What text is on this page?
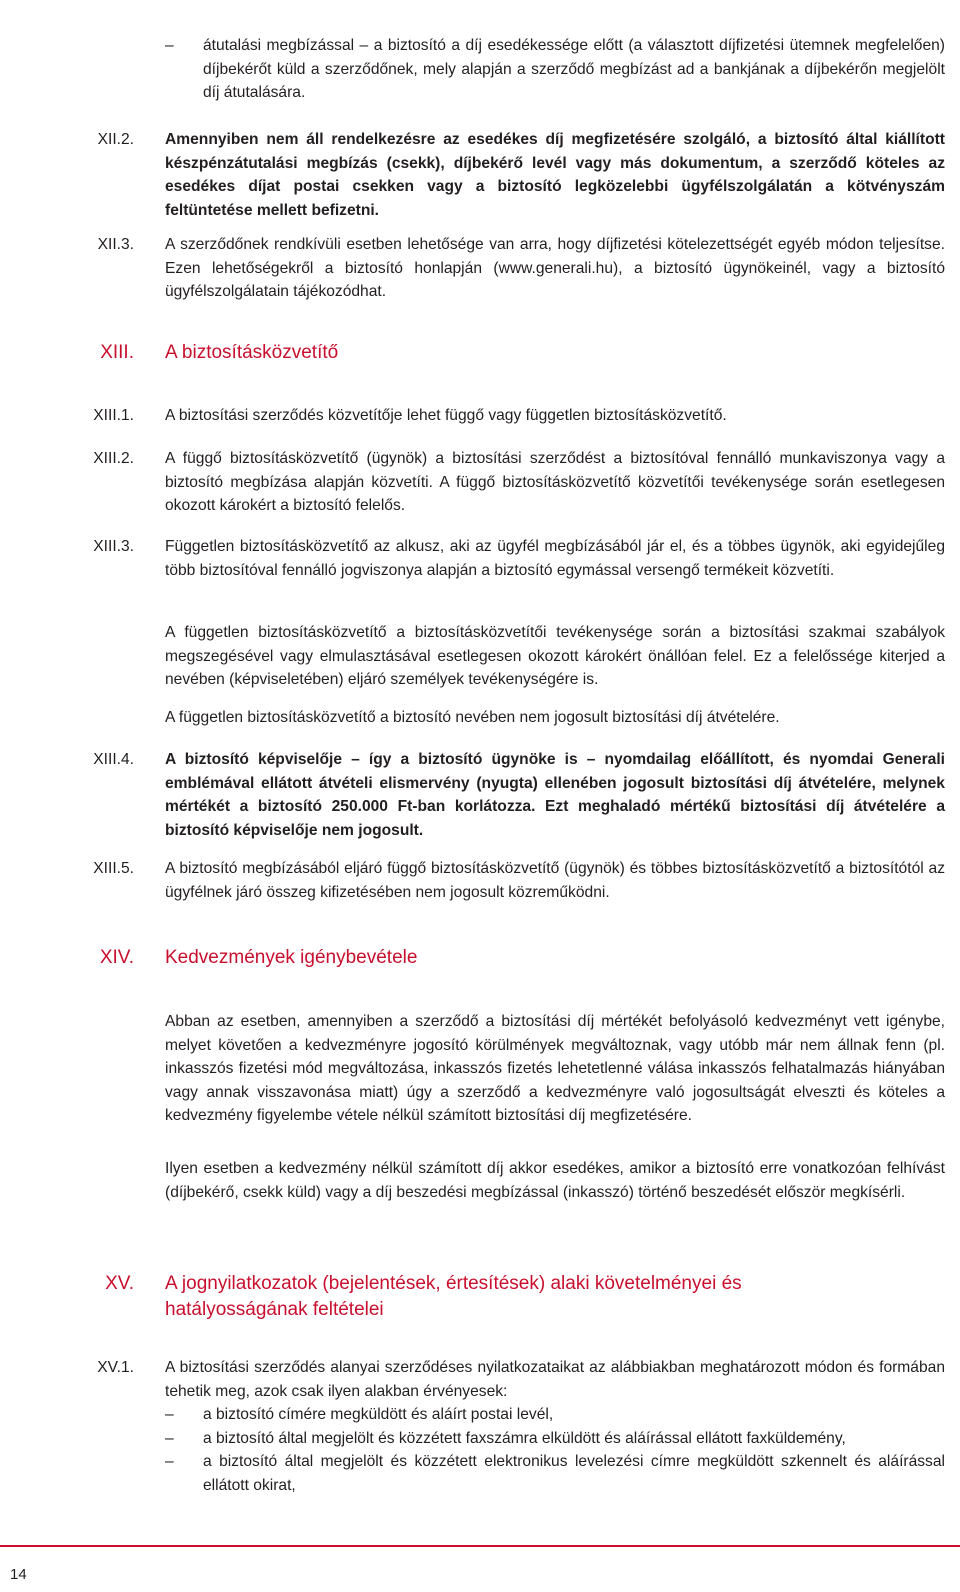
– átutalási megbízással – a biztosító a díj esedékessége előtt (a választott díjfizetési ütemnek megfelelően) díjbekérőt küld a szerződőnek, mely alapján a szerződő megbízást ad a bankjának a díjbekérőn megjelölt díj átutalására.
XII.2. Amennyiben nem áll rendelkezésre az esedékes díj megfizetésére szolgáló, a biztosító által kiállított készpénzátutalási megbízás (csekk), díjbekérő levél vagy más dokumentum, a szerződő köteles az esedékes díjat postai csekken vagy a biztosító legközelebbi ügyfélszolgálatán a kötvényszám feltüntetése mellett befizetni.

XII.3. A szerződőnek rendkívüli esetben lehetősége van arra, hogy díjfizetési kötelezettségét egyéb módon teljesítse. Ezen lehetőségekről a biztosító honlapján (www.generali.hu), a biztosító ügynökeinél, vagy a biztosító ügyfélszolgálatain tájékozódhat.

XIII. A biztosításközvetítő

XIII.1. A biztosítási szerződés közvetítője lehet függő vagy független biztosításközvetítő.

XIII.2. A függő biztosításközvetítő (ügynök) a biztosítási szerződést a biztosítóval fennálló munkaviszonya vagy a biztosító megbízása alapján közvetíti. A függő biztosításközvetítő közvetítői tevékenysége során esetlegesen okozott károkért a biztosító felelős.

XIII.3. Független biztosításközvetítő az alkusz, aki az ügyfél megbízásából jár el, és a többes ügynök, aki egyidejűleg több biztosítóval fennálló jogviszonya alapján a biztosító egymással versengő termékeit közvetíti.

A független biztosításközvetítő a biztosításközvetítői tevékenysége során a biztosítási szakmai szabályok megszegésével vagy elmulasztásával esetlegesen okozott károkért önállóan felel. Ez a felelőssége kiterjed a nevében (képviseletében) eljáró személyek tevékenységére is.

A független biztosításközvetítő a biztosító nevében nem jogosult biztosítási díj átvételére.

XIII.4. A biztosító képviselője – így a biztosító ügynöke is – nyomdailag előállított, és nyomdai Generali emblémával ellátott átvételi elismervény (nyugta) ellenében jogosult biztosítási díj átvételére, melynek mértékét a biztosító 250.000 Ft-ban korlátozza. Ezt meghaladó mértékű biztosítási díj átvételére a biztosító képviselője nem jogosult.

XIII.5. A biztosító megbízásából eljáró függő biztosításközvetítő (ügynök) és többes biztosításközvetítő a biztosítótól az ügyfélnek járó összeg kifizetésében nem jogosult közreműködni.

XIV. Kedvezmények igénybevétele

Abban az esetben, amennyiben a szerződő a biztosítási díj mértékét befolyásoló kedvezményt vett igénybe, melyet követően a kedvezményre jogosító körülmények megváltoznak, vagy utóbb már nem állnak fenn (pl. inkasszós fizetési mód megváltozása, inkasszós fizetés lehetetlenné válása inkasszós felhatalmazás hiányában vagy annak visszavonása miatt) úgy a szerződő a kedvezményre való jogosultságát elveszti és köteles a kedvezmény figyelembe vétele nélkül számított biztosítási díj megfizetésére.

Ilyen esetben a kedvezmény nélkül számított díj akkor esedékes, amikor a biztosító erre vonatkozóan felhívást (díjbekérő, csekk küld) vagy a díj beszedési megbízással (inkasszó) történő beszedését először megkísérli.

XV. A jognyilatkozatok (bejelentések, értesítések) alaki követelményei és
hatályosságának feltételei

XV.1. A biztosítási szerződés alanyai szerződéses nyilatkozataikat az alábbiakban meghatározott módon és formában tehetik meg, azok csak ilyen alakban érvényesek:

– a biztosító címére megküldött és aláírt postai levél,
– a biztosító által megjelölt és közzétett faxszámra elküldött és aláírással ellátott faxküldemény,
– a biztosító által megjelölt és közzétett elektronikus levelezési címre megküldött szkennelt és aláírással ellátott okirat,
14
